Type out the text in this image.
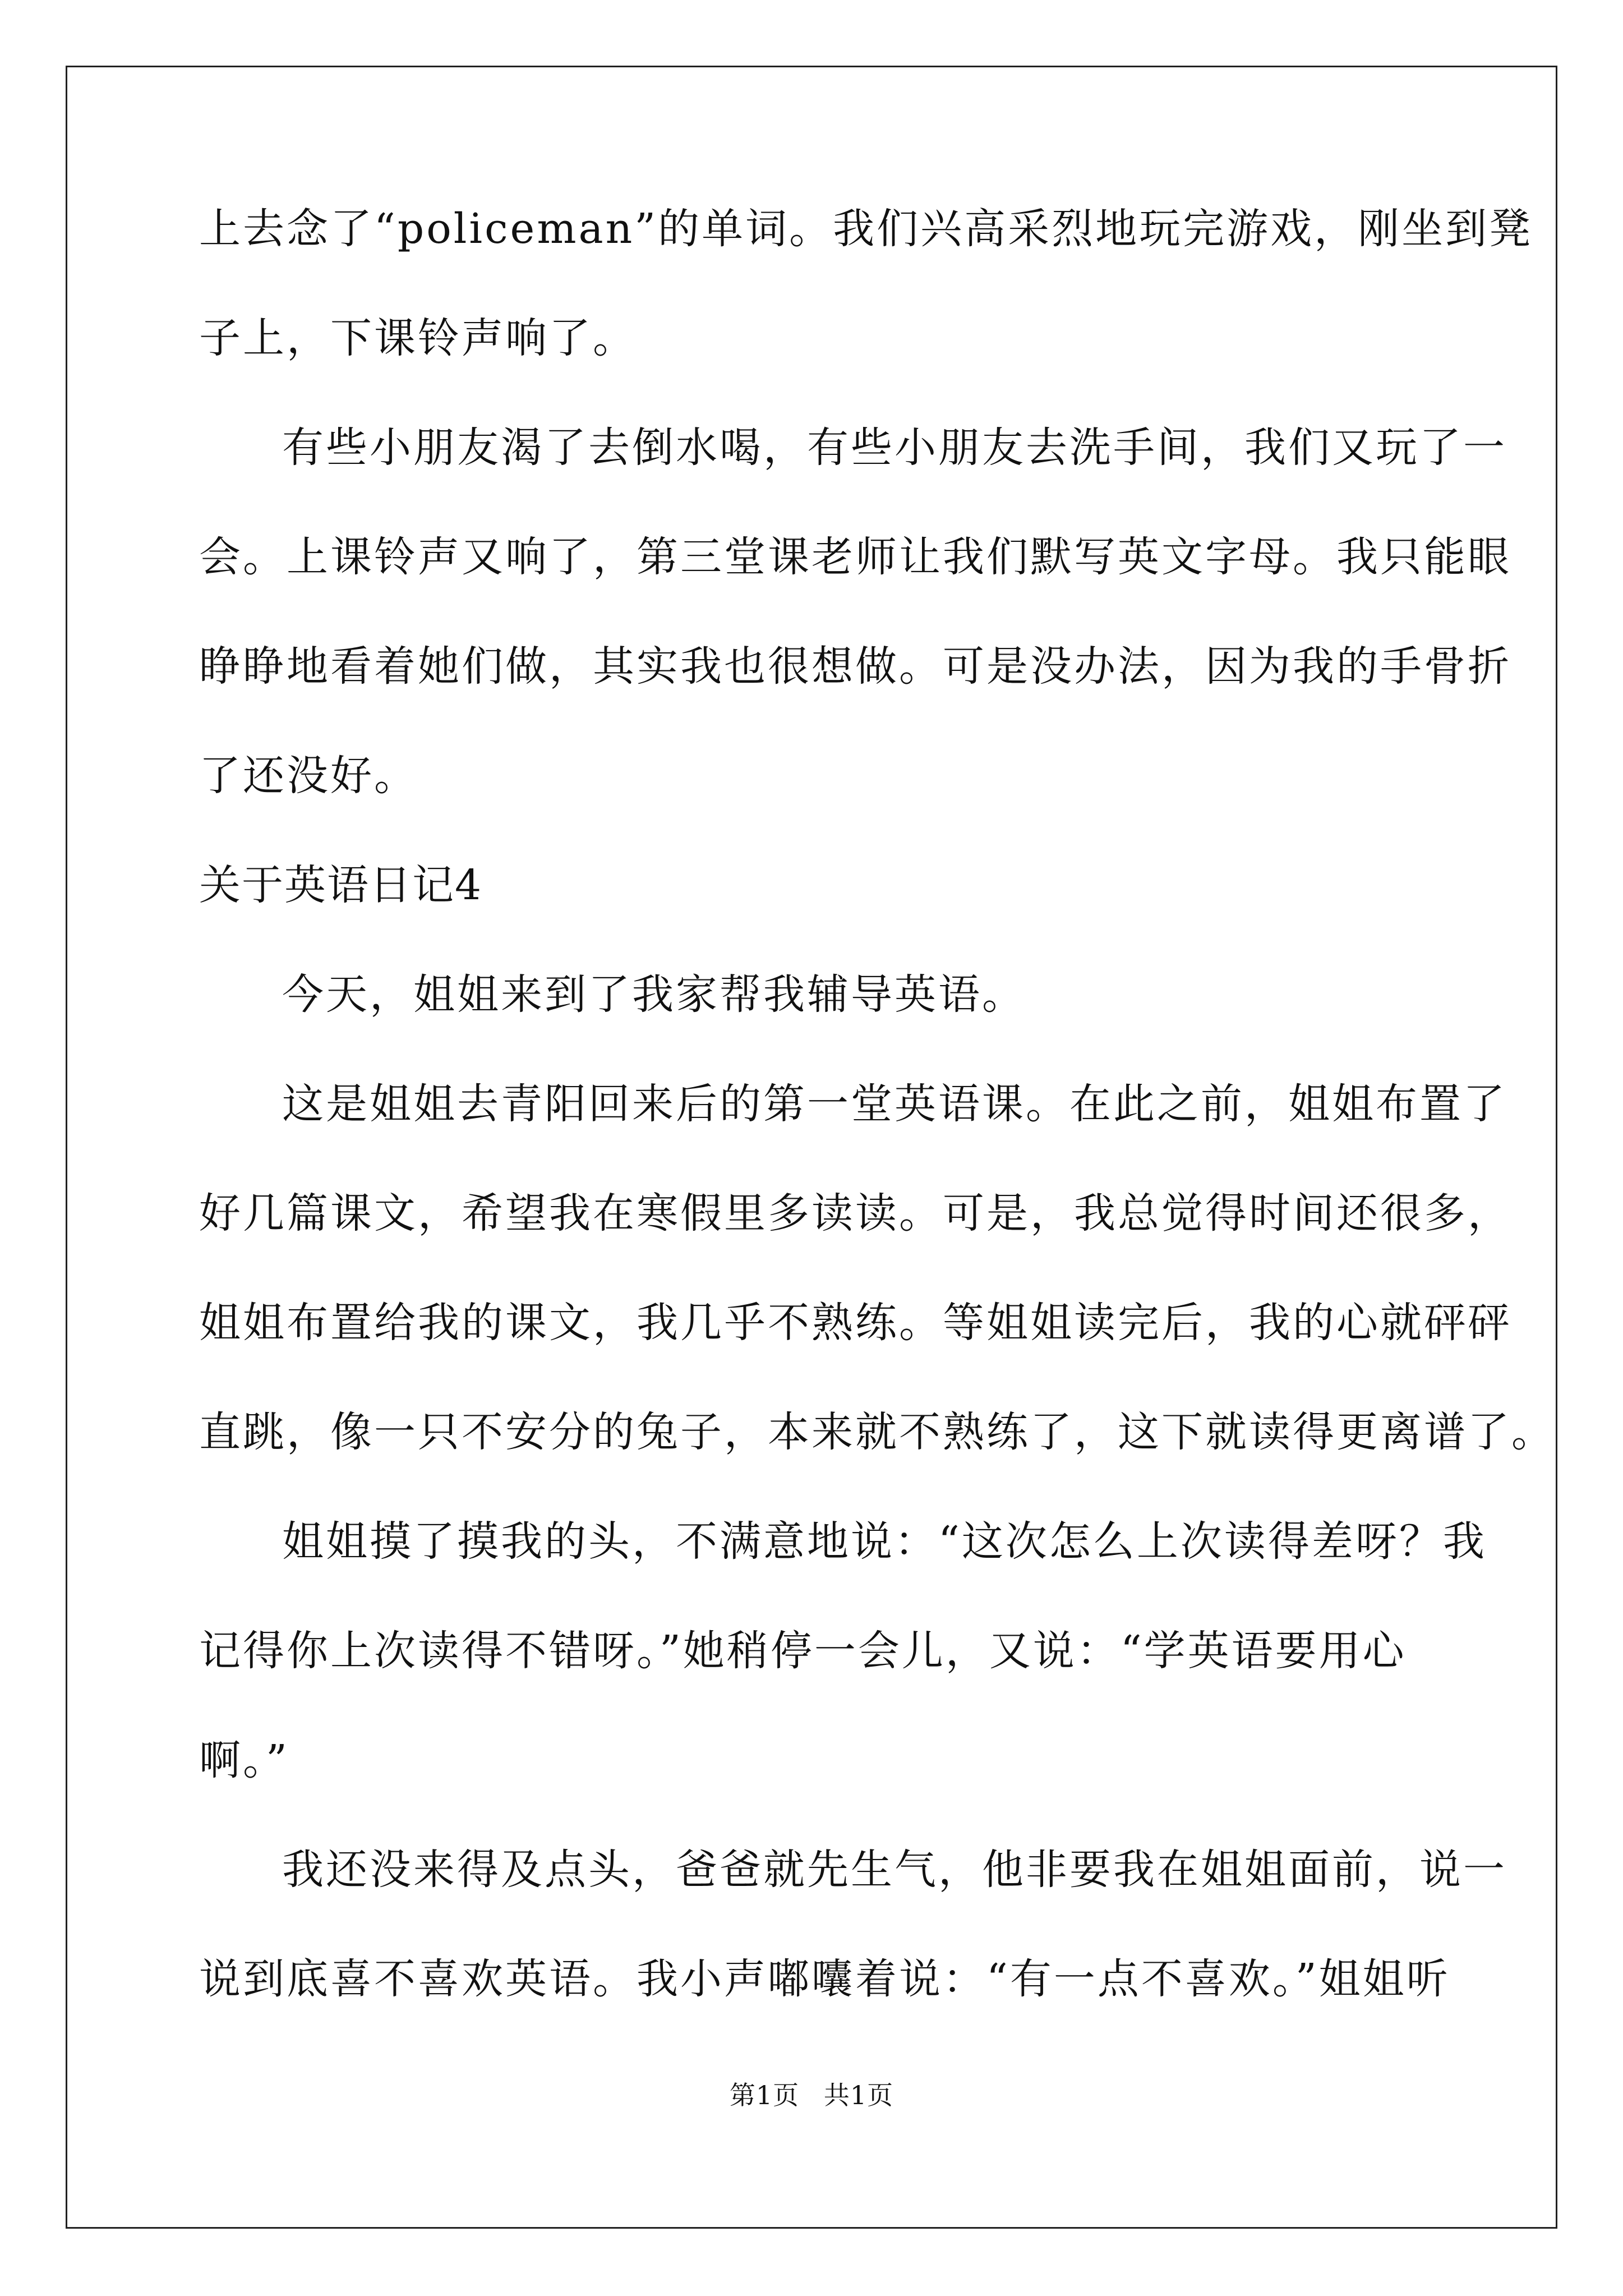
上去念了“policeman”的单词。我们兴高采烈地玩完游戏，刚坐到凳
子上，下课铃声响了。
有些小朋友渴了去倒水喝，有些小朋友去洗手间，我们又玩了一
会。上课铃声又响了，第三堂课老师让我们默写英文字母。我只能眼
睁睁地看着她们做，其实我也很想做。可是没办法，因为我的手骨折
了还没好。
关于英语日记4
今天，姐姐来到了我家帮我辅导英语。
这是姐姐去青阳回来后的第一堂英语课。在此之前，姐姐布置了
好几篇课文，希望我在寒假里多读读。可是，我总觉得时间还很多，
姐姐布置给我的课文，我几乎不熟练。等姐姐读完后，我的心就砰砰
直跳，像一只不安分的兔子，本来就不熟练了，这下就读得更离谱了。
姐姐摸了摸我的头，不满意地说：“这次怎么上次读得差呀？我
记得你上次读得不错呀。”她稍停一会儿，又说：“学英语要用心
啊。”
我还没来得及点头，爸爸就先生气，他非要我在姐姐面前，说一
说到底喜不喜欢英语。我小声嘟囔着说：“有一点不喜欢。”姐姐听
第1页 共1页
